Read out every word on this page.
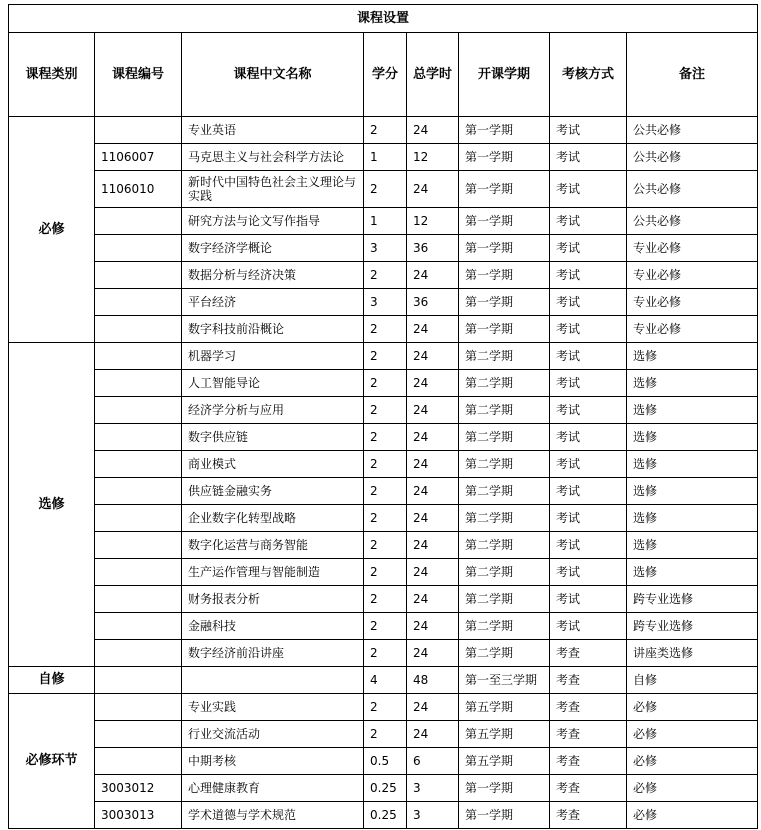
课程设置							
课程类别	课程编号	课程中文名称	学分	总学时	开课学期	考核方式	备注
必修		专业英语	2	24	第一学期	考试	公共必修
	1106007	马克思主义与社会科学方法论	1	12	第一学期	考试	公共必修
	1106010	新时代中国特色社会主义理论与实践	2	24	第一学期	考试	公共必修
		研究方法与论文写作指导	1	12	第一学期	考试	公共必修
		数字经济学概论	3	36	第一学期	考试	专业必修
		数据分析与经济决策	2	24	第一学期	考试	专业必修
		平台经济	3	36	第一学期	考试	专业必修
		数字科技前沿概论	2	24	第一学期	考试	专业必修
选修		机器学习	2	24	第二学期	考试	选修
		人工智能导论	2	24	第二学期	考试	选修
		经济学分析与应用	2	24	第二学期	考试	选修
		数字供应链	2	24	第二学期	考试	选修
		商业模式	2	24	第二学期	考试	选修
		供应链金融实务	2	24	第二学期	考试	选修
		企业数字化转型战略	2	24	第二学期	考试	选修
		数字化运营与商务智能	2	24	第二学期	考试	选修
		生产运作管理与智能制造	2	24	第二学期	考试	选修
		财务报表分析	2	24	第二学期	考试	跨专业选修
		金融科技	2	24	第二学期	考试	跨专业选修
		数字经济前沿讲座	2	24	第二学期	考查	讲座类选修
自修			4	48	第一至三学期	考查	自修
必修环节		专业实践	2	24	第五学期	考查	必修
		行业交流活动	2	24	第五学期	考查	必修
		中期考核	0.5	6	第五学期	考查	必修
	3003012	心理健康教育	0.25	3	第一学期	考查	必修
	3003013	学术道德与学术规范	0.25	3	第一学期	考查	必修
